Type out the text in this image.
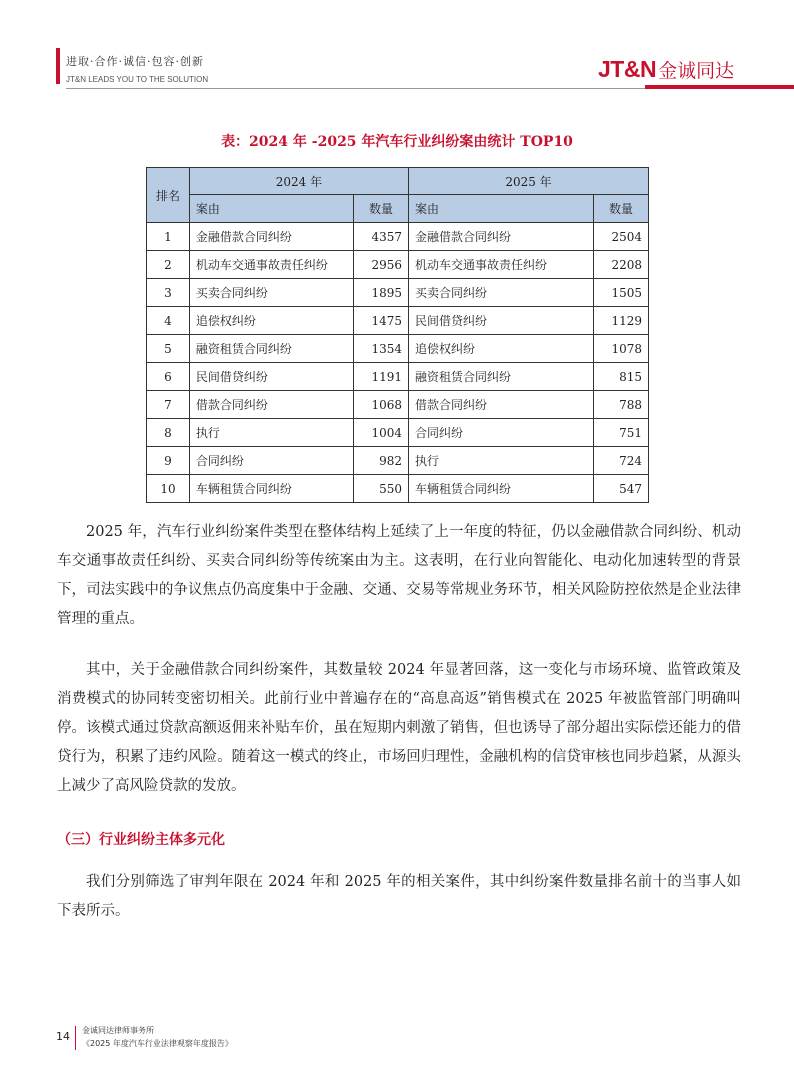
进取·合作·诚信·包容·创新
JT&N LEADS YOU TO THE SOLUTION	JT&N 金诚同达
表：2024 年 -2025 年汽车行业纠纷案由统计 TOP10
排名	2024 年		2025 年	
	案由	数量	案由	数量
1	金融借款合同纠纷	4357	金融借款合同纠纷	2504
2	机动车交通事故责任纠纷	2956	机动车交通事故责任纠纷	2208
3	买卖合同纠纷	1895	买卖合同纠纷	1505
4	追偿权纠纷	1475	民间借贷纠纷	1129
5	融资租赁合同纠纷	1354	追偿权纠纷	1078
6	民间借贷纠纷	1191	融资租赁合同纠纷	815
7	借款合同纠纷	1068	借款合同纠纷	788
8	执行	1004	合同纠纷	751
9	合同纠纷	982	执行	724
10	车辆租赁合同纠纷	550	车辆租赁合同纠纷	547
2025 年，汽车行业纠纷案件类型在整体结构上延续了上一年度的特征，仍以金融借款合同纠纷、机动车交通事故责任纠纷、买卖合同纠纷等传统案由为主。这表明，在行业向智能化、电动化加速转型的背景下，司法实践中的争议焦点仍高度集中于金融、交通、交易等常规业务环节，相关风险防控依然是企业法律管理的重点。
其中，关于金融借款合同纠纷案件，其数量较 2024 年显著回落，这一变化与市场环境、监管政策及消费模式的协同转变密切相关。此前行业中普遍存在的“高息高返”销售模式在 2025 年被监管部门明确叫停。该模式通过贷款高额返佣来补贴车价，虽在短期内刺激了销售，但也诱导了部分超出实际偿还能力的借贷行为，积累了违约风险。随着这一模式的终止，市场回归理性，金融机构的信贷审核也同步趋紧，从源头上减少了高风险贷款的发放。
（三）行业纠纷主体多元化
我们分别筛选了审判年限在 2024 年和 2025 年的相关案件，其中纠纷案件数量排名前十的当事人如下表所示。
14 金诚同达律师事务所
《2025 年度汽车行业法律观察年度报告》
